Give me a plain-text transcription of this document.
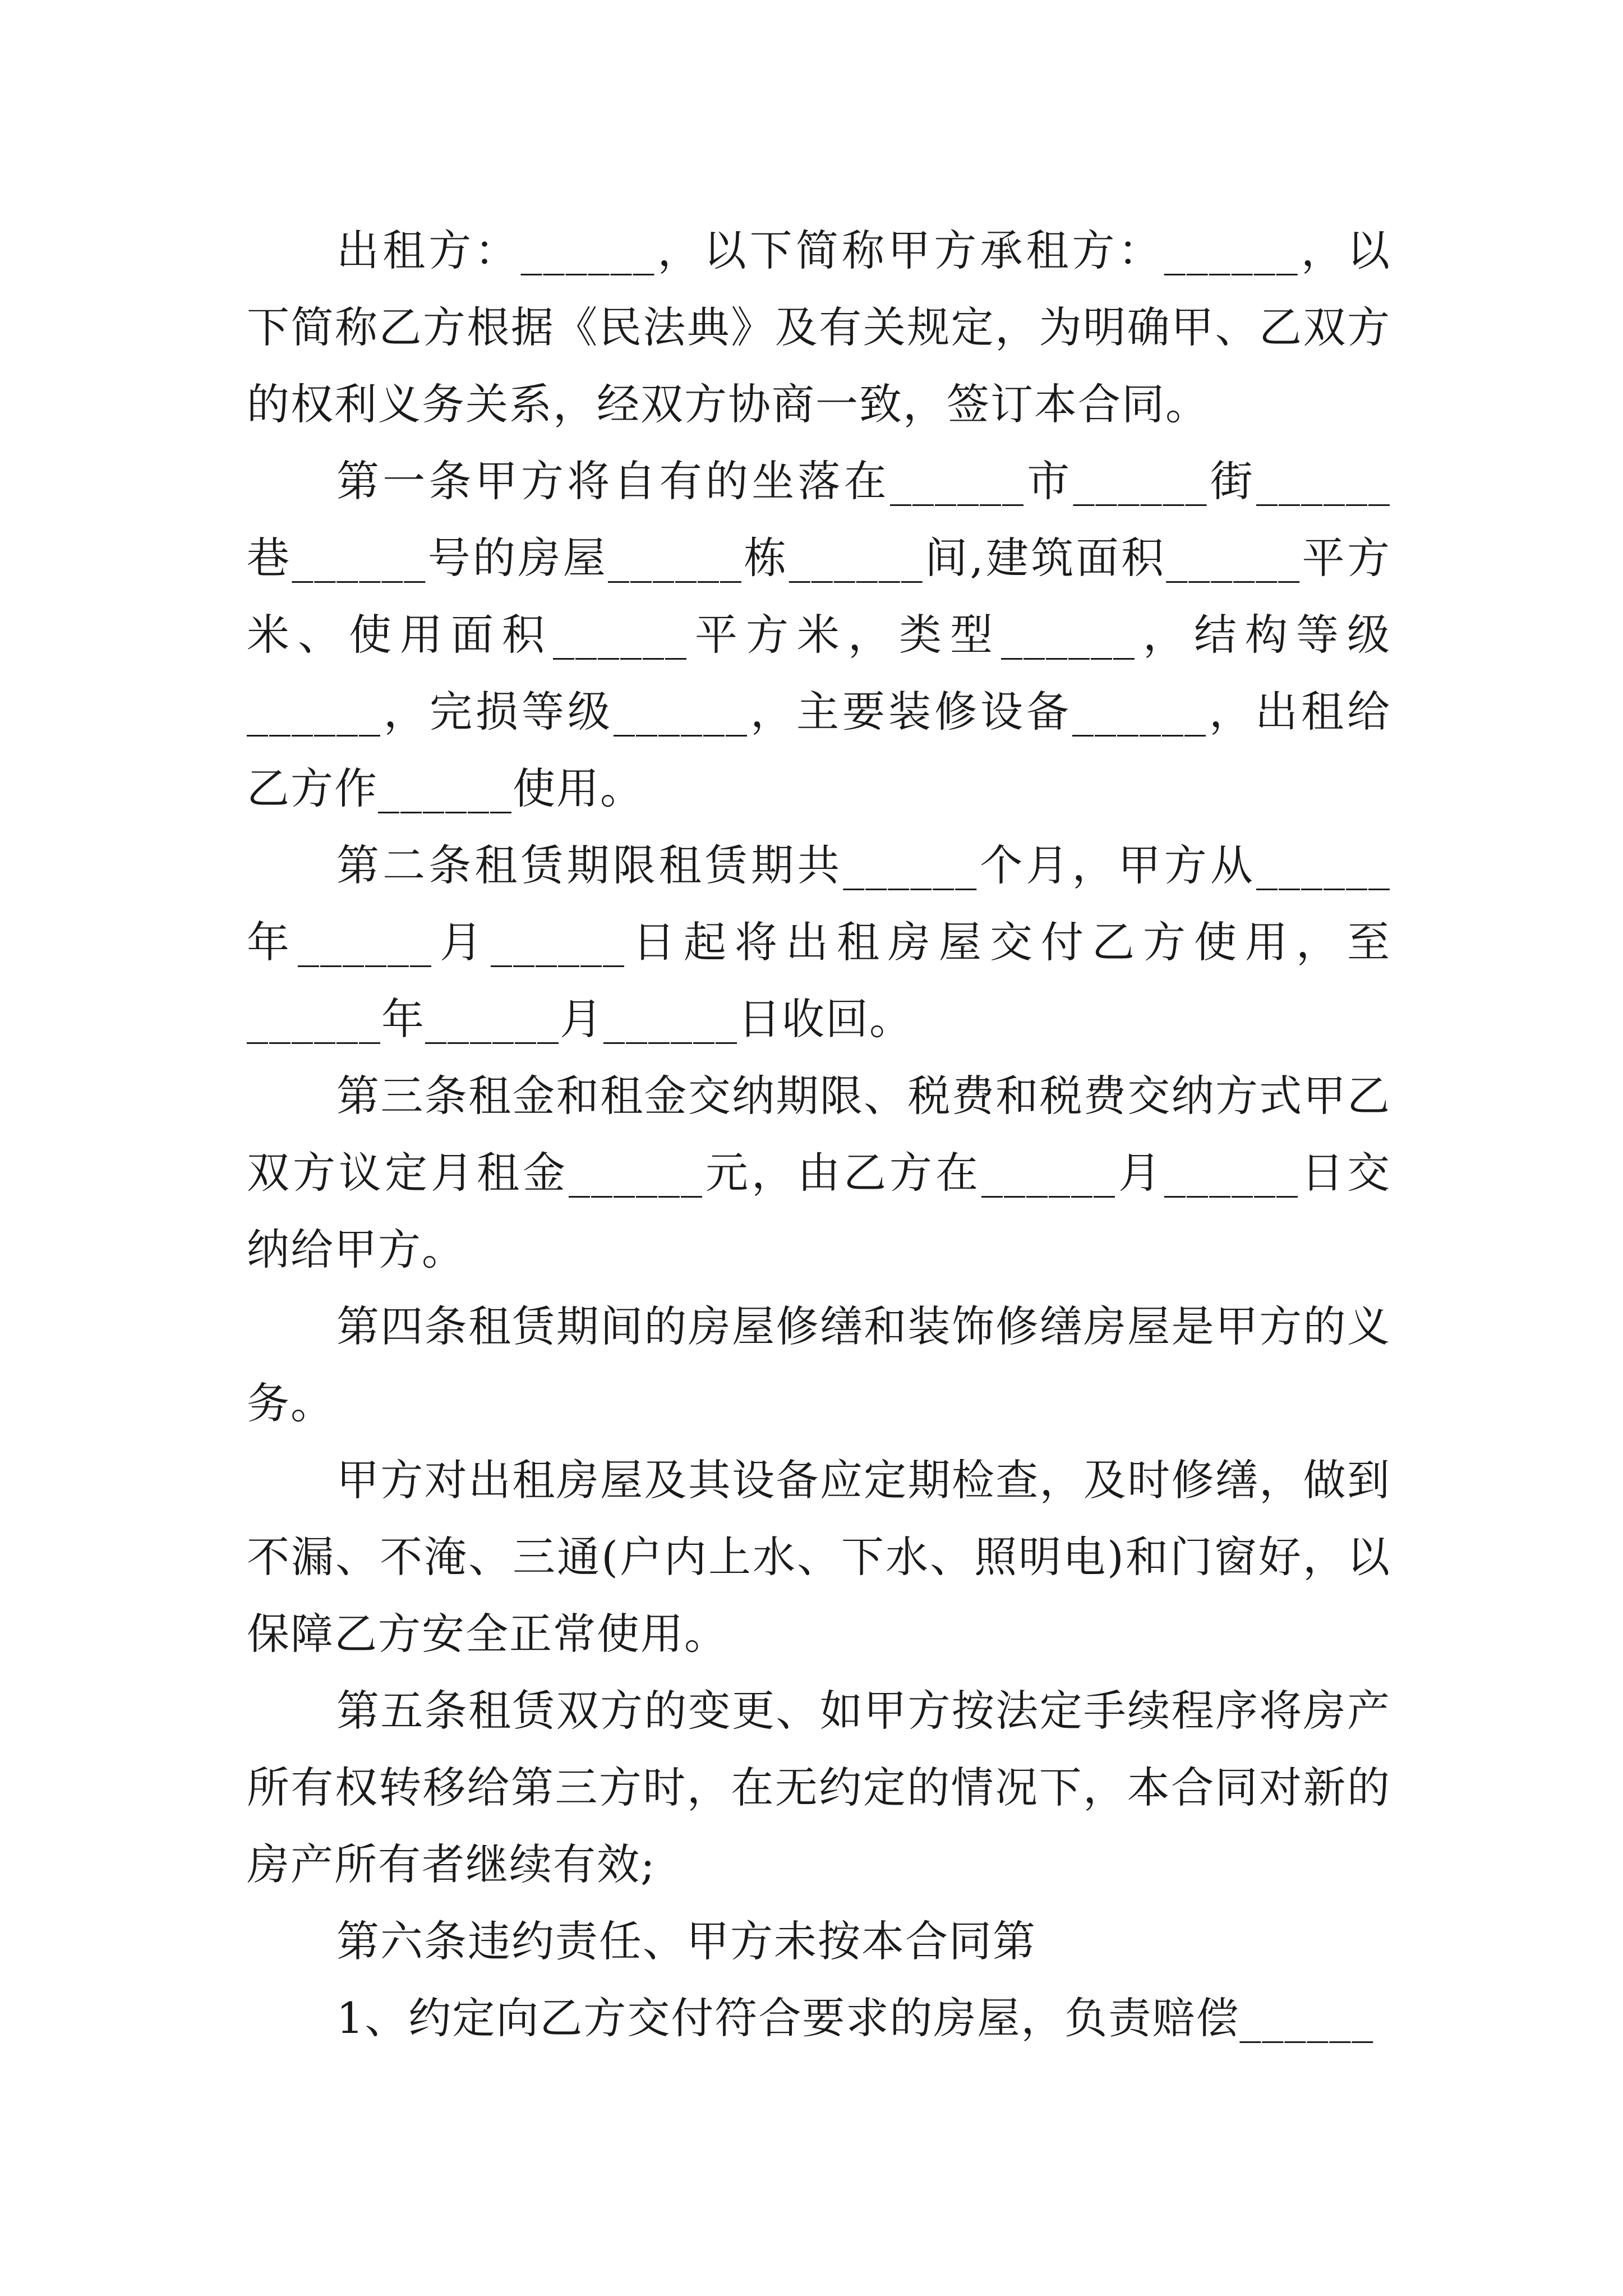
出租方：______，以下简称甲方承租方：______，以下简称乙方根据《民法典》及有关规定，为明确甲、乙双方的权利义务关系，经双方协商一致，签订本合同。

第一条甲方将自有的坐落在______市______街______巷______号的房屋______栋______间,建筑面积______平方米、使用面积______平方米，类型______，结构等级______，完损等级______，主要装修设备______，出租给乙方作______使用。

第二条租赁期限租赁期共______个月，甲方从______年______月______日起将出租房屋交付乙方使用，至______年______月______日收回。

第三条租金和租金交纳期限、税费和税费交纳方式甲乙双方议定月租金______元，由乙方在______月______日交纳给甲方。

第四条租赁期间的房屋修缮和装饰修缮房屋是甲方的义务。

甲方对出租房屋及其设备应定期检查，及时修缮，做到不漏、不淹、三通(户内上水、下水、照明电)和门窗好，以保障乙方安全正常使用。

第五条租赁双方的变更、如甲方按法定手续程序将房产所有权转移给第三方时，在无约定的情况下，本合同对新的房产所有者继续有效;

第六条违约责任、甲方未按本合同第

1、约定向乙方交付符合要求的房屋，负责赔偿______
